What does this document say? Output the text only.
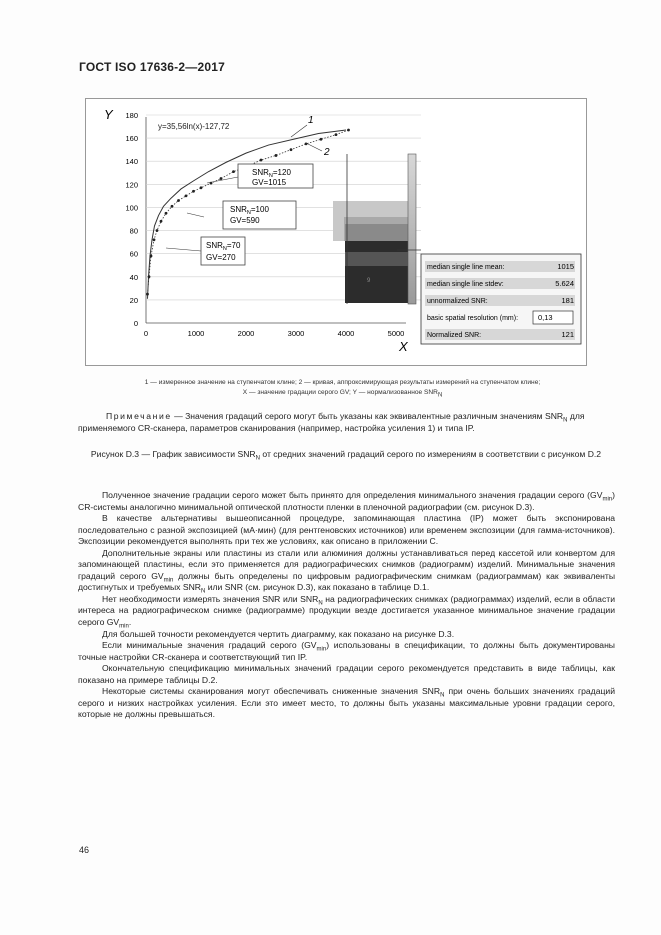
ГОСТ ISO 17636-2—2017
0
20
40
60
80
100
120
140
160
180
0	1000	2000	3000	4000	5000
9
y=35,56ln(x)-127,72
1
2
Y
X
$SNR_N=120$
GV=1015
$SNR_N=100$
GV=590
$SNR_N=70$
GV=270
median single line mean:	1015
median single line stdev:	5.624
unnormalized SNR:	181
basic spatial resolution (mm):	0,13
Normalized SNR:	121
1 — измеренное значение на ступенчатом клине; 2 — кривая, аппроксимирующая результаты измерений на ступенчатом клине;
X — значение градации серого GV; Y — нормализованное $SNR_N$
Примечание — Значения градаций серого могут быть указаны как эквивалентные различным значениям $SNR_N$ для применяемого CR-сканера, параметров сканирования (например, настройка усиления 1) и типа IP.
Рисунок D.3 — График зависимости $SNR_N$ от средних значений градаций серого по измерениям в соответствии с рисунком D.2

Полученное значение градации серого может быть принято для определения минимального значения градации серого $(GV_{min})$ CR-системы аналогично минимальной оптической плотности пленки в пленочной радиографии (см. рисунок D.3).

В качестве альтернативы вышеописанной процедуре, запоминающая пластина (IP) может быть экспонирована последовательно с разной экспозицией (мА·мин) (для рентгеновских источников) или временем экспозиции (для гамма-источников). Экспозиции рекомендуется выполнять при тех же условиях, как описано в приложении C.

Дополнительные экраны или пластины из стали или алюминия должны устанавливаться перед кассетой или конвертом для запоминающей пластины, если это применяется для радиографических снимков (радиограмм) изделий. Минимальные значения градаций серого $GV_{min}$ должны быть определены по цифровым радиографическим снимкам (радиограммам) как эквиваленты достигнутых и требуемых $SNR_N$ или SNR (см. рисунок D.3), как показано в таблице D.1.

Нет необходимости измерять значения SNR или $SNR_N$ на радиографических снимках (радиограммах) изделий, если в области интереса на радиографическом снимке (радиограмме) продукции везде достигается указанное минимальное значение градации серого $GV_{min}$.

Для большей точности рекомендуется чертить диаграмму, как показано на рисунке D.3.

Если минимальные значения градаций серого $(GV_{min})$ использованы в спецификации, то должны быть документированы точные настройки CR-сканера и соответствующий тип IP.

Окончательную спецификацию минимальных значений градации серого рекомендуется представить в виде таблицы, как показано на примере таблицы D.2.

Некоторые системы сканирования могут обеспечивать сниженные значения $SNR_N$ при очень больших значениях градаций серого и низких настройках усиления. Если это имеет место, то должны быть указаны максимальные уровни градации серого, которые не должны превышаться.

46
